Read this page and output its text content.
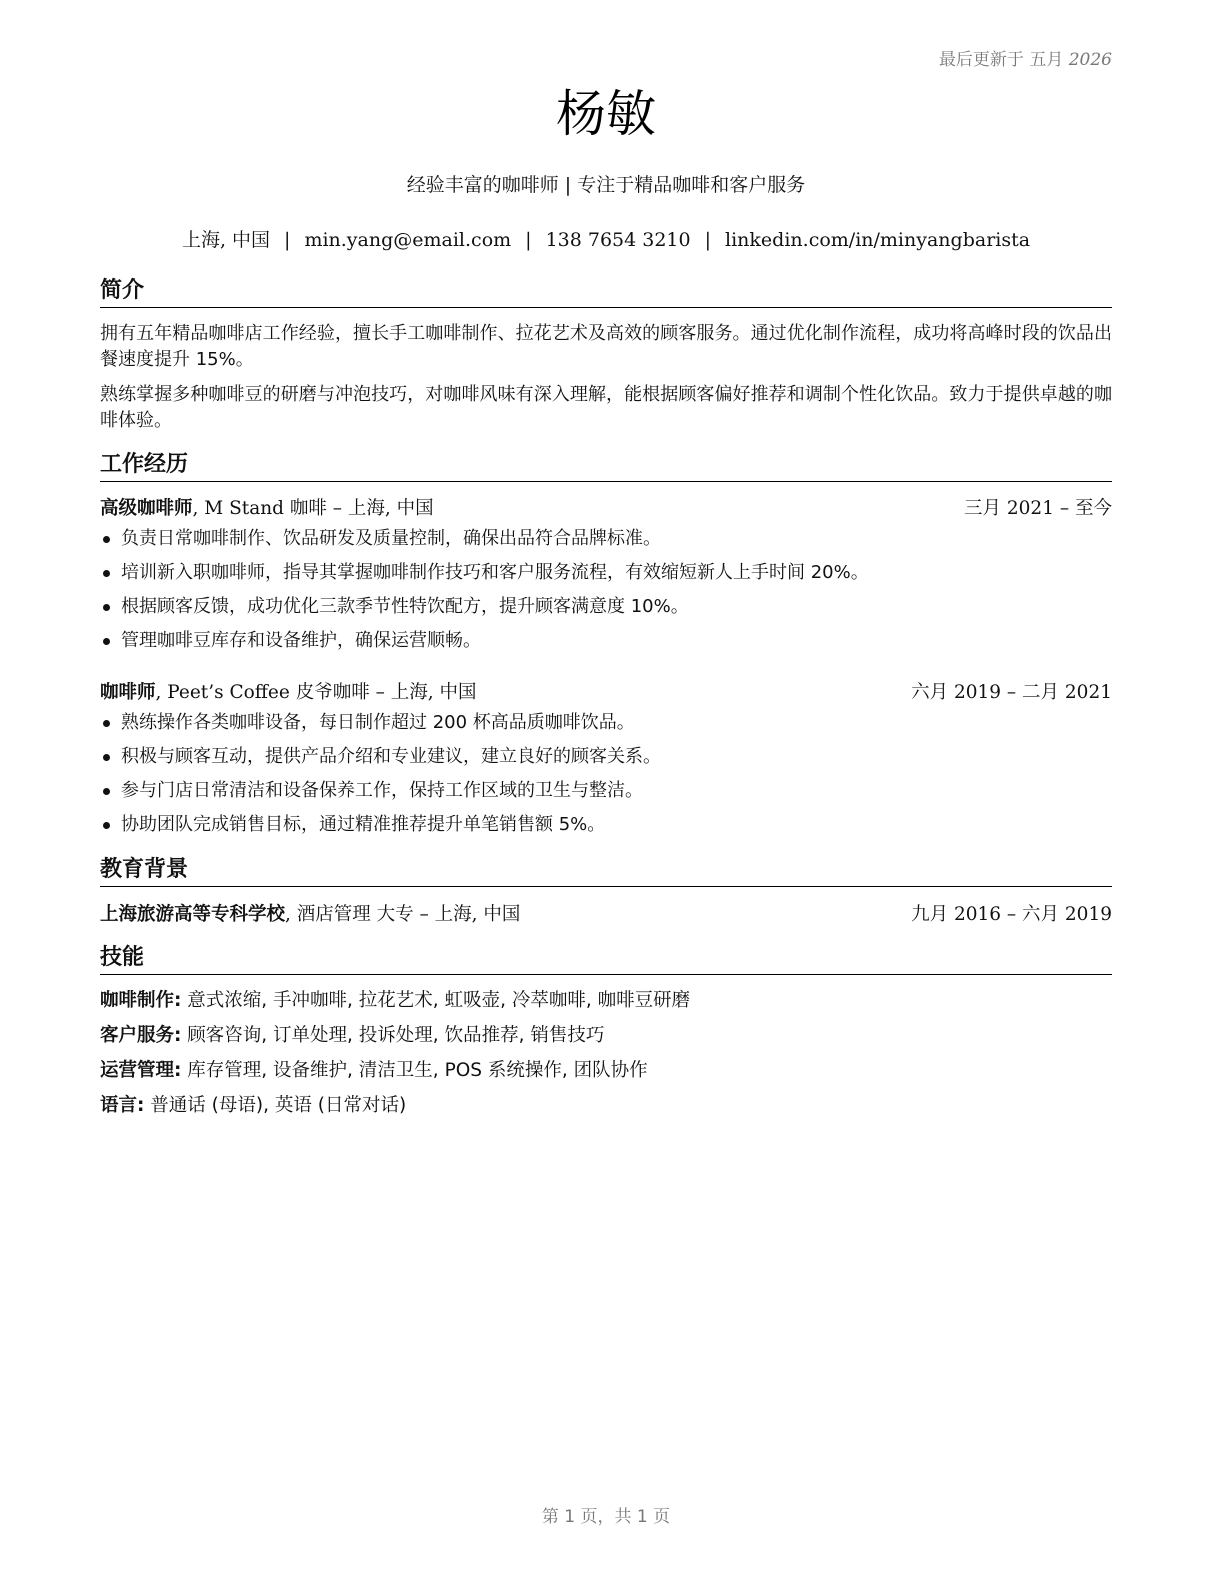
最后更新于 五月 2026
杨敏
经验丰富的咖啡师 | 专注于精品咖啡和客户服务
上海, 中国 | min.yang@email.com | 138 7654 3210 | linkedin.com/in/minyangbarista
简介
拥有五年精品咖啡店工作经验，擅长手工咖啡制作、拉花艺术及高效的顾客服务。通过优化制作流程，成功将高峰时段的饮品出餐速度提升 15%。
熟练掌握多种咖啡豆的研磨与冲泡技巧，对咖啡风味有深入理解，能根据顾客偏好推荐和调制个性化饮品。致力于提供卓越的咖啡体验。
工作经历
高级咖啡师, M Stand 咖啡 – 上海, 中国	三月 2021 – 至今
负责日常咖啡制作、饮品研发及质量控制，确保出品符合品牌标准。
培训新入职咖啡师，指导其掌握咖啡制作技巧和客户服务流程，有效缩短新人上手时间 20%。
根据顾客反馈，成功优化三款季节性特饮配方，提升顾客满意度 10%。
管理咖啡豆库存和设备维护，确保运营顺畅。
咖啡师, Peet’s Coffee 皮爷咖啡 – 上海, 中国	六月 2019 – 二月 2021
熟练操作各类咖啡设备，每日制作超过 200 杯高品质咖啡饮品。
积极与顾客互动，提供产品介绍和专业建议，建立良好的顾客关系。
参与门店日常清洁和设备保养工作，保持工作区域的卫生与整洁。
协助团队完成销售目标，通过精准推荐提升单笔销售额 5%。
教育背景
上海旅游高等专科学校, 酒店管理 大专 – 上海, 中国	九月 2016 – 六月 2019
技能
咖啡制作: 意式浓缩, 手冲咖啡, 拉花艺术, 虹吸壶, 冷萃咖啡, 咖啡豆研磨
客户服务: 顾客咨询, 订单处理, 投诉处理, 饮品推荐, 销售技巧
运营管理: 库存管理, 设备维护, 清洁卫生, POS 系统操作, 团队协作
语言: 普通话 (母语), 英语 (日常对话)
第 1 页，共 1 页
